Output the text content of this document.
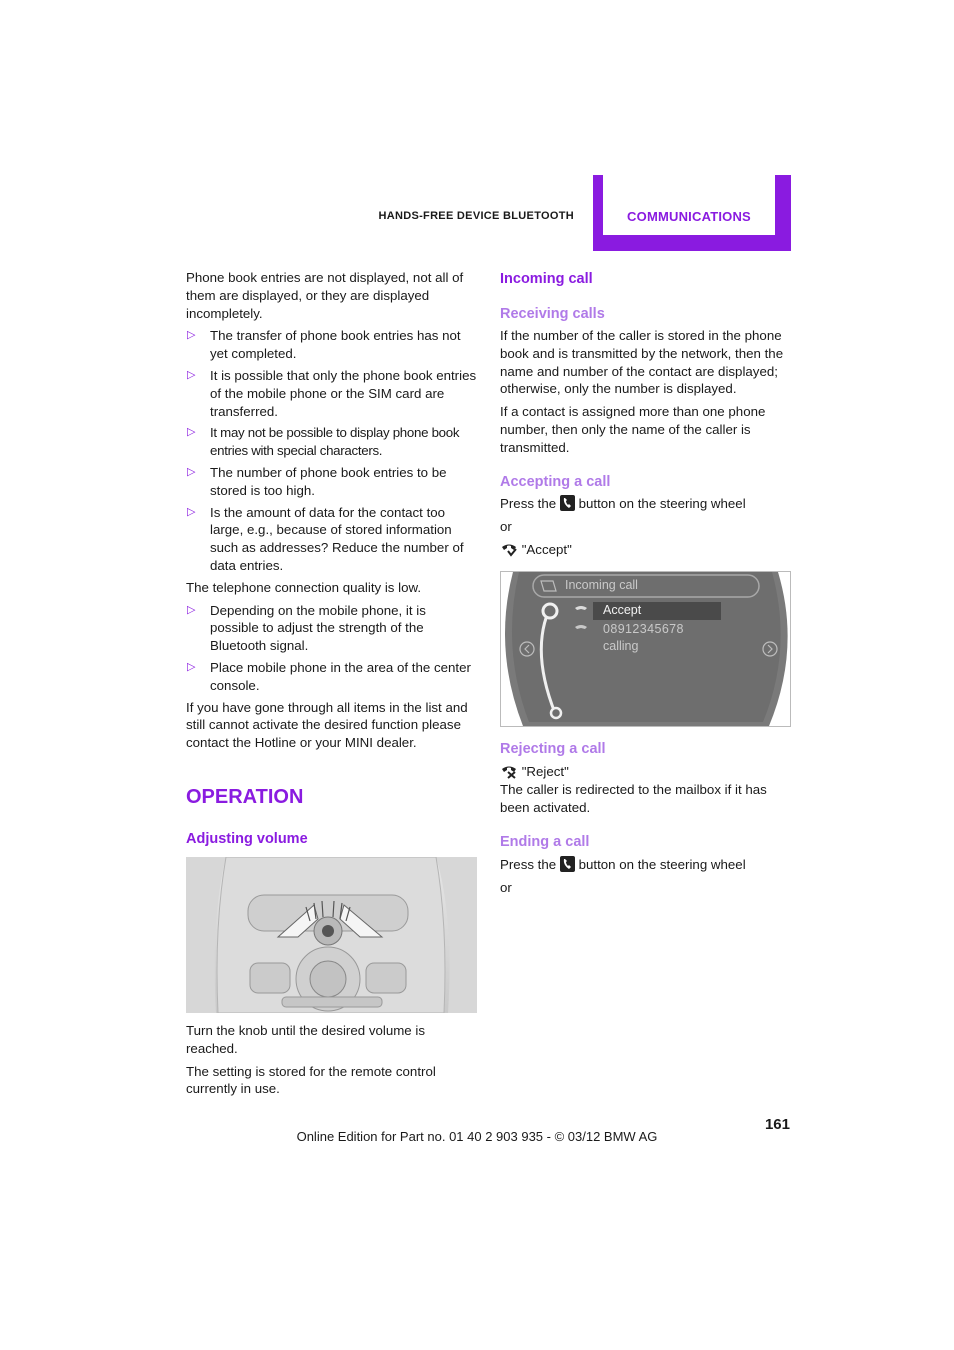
HANDS-FREE DEVICE BLUETOOTH	COMMUNICATIONS

Phone book entries are not displayed, not all of them are displayed, or they are displayed incompletely.

▷ The transfer of phone book entries has not yet completed.
▷ It is possible that only the phone book entries of the mobile phone or the SIM card are transferred.
▷ It may not be possible to display phone book entries with special characters.
▷ The number of phone book entries to be stored is too high.
▷ Is the amount of data for the contact too large, e.g., because of stored information such as addresses? Reduce the number of data entries.

The telephone connection quality is low.

▷ Depending on the mobile phone, it is possible to adjust the strength of the Bluetooth signal.
▷ Place mobile phone in the area of the center console.

If you have gone through all items in the list and still cannot activate the desired function please contact the Hotline or your MINI dealer.

OPERATION
Adjusting volume

Turn the knob until the desired volume is reached.

The setting is stored for the remote control currently in use.

Incoming call
Receiving calls

If the number of the caller is stored in the phone book and is transmitted by the network, then the name and number of the contact are displayed; otherwise, only the number is displayed.

If a contact is assigned more than one phone number, then only the name of the caller is transmitted.

Accepting a call

Press the button on the steering wheel

or

"Accept"

Incoming call
Accept
08912345678
calling
Rejecting a call
"Reject"

The caller is redirected to the mailbox if it has been activated.

Ending a call

Press the button on the steering wheel

or

161
Online Edition for Part no. 01 40 2 903 935 - © 03/12 BMW AG
